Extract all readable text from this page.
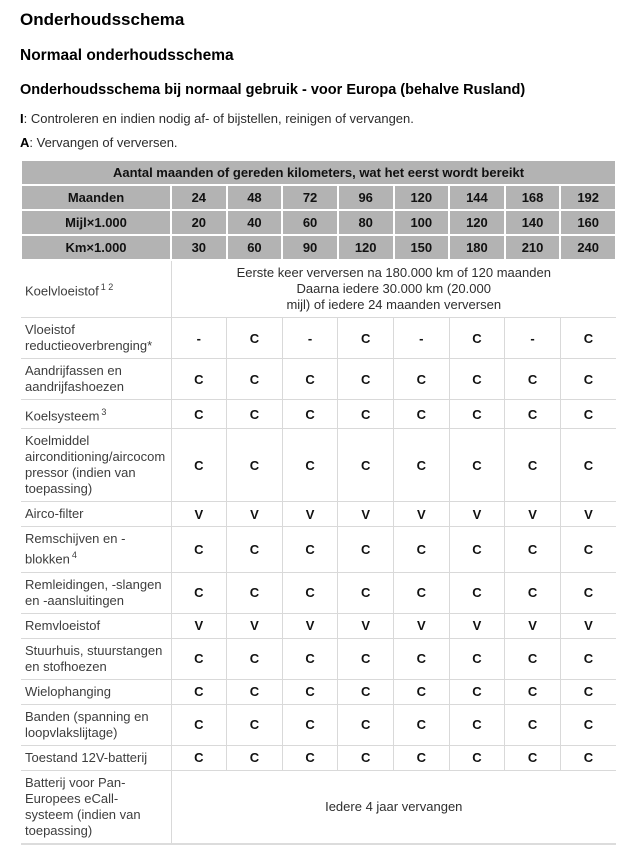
Onderhoudsschema
Normaal onderhoudsschema
Onderhoudsschema bij normaal gebruik - voor Europa (behalve Rusland)

I: Controleren en indien nodig af- of bijstellen, reinigen of vervangen.

A: Vervangen of verversen.

Aantal maanden of gereden kilometers, wat het eerst wordt bereikt								
Maanden	24	48	72	96	120	144	168	192
Mijl×1.000	20	40	60	80	100	120	140	160
Km×1.000	30	60	90	120	150	180	210	240
Koelvloeistof $^{1 2}$	Eerste keer verversen na 180.000 km of 120 maanden
Daarna iedere 30.000 km (20.000
mijl) of iedere 24 maanden verversen							

Vloeistof reductieoverbrenging*	-	C	-	C	-	C	-	C
Aandrijfassen en aandrijfashoezen	C	C	C	C	C	C	C	C
Koelsysteem $^3$	C	C	C	C	C	C	C	C
Koelmiddel airconditioning/aircocompressor (indien van toepassing)	C	C	C	C	C	C	C	C
Airco-filter	V	V	V	V	V	V	V	V
Remschijven en -blokken $^4$	C	C	C	C	C	C	C	C
Remleidingen, -slangen en -aansluitingen	C	C	C	C	C	C	C	C
Remvloeistof	V	V	V	V	V	V	V	V
Stuurhuis, stuurstangen en stofhoezen	C	C	C	C	C	C	C	C
Wielophanging	C	C	C	C	C	C	C	C
Banden (spanning en loopvlakslijtage)	C	C	C	C	C	C	C	C
Toestand 12V-batterij	C	C	C	C	C	C	C	C
Batterij voor Pan-Europees eCall-systeem (indien van toepassing)	Iedere 4 jaar vervangen							
